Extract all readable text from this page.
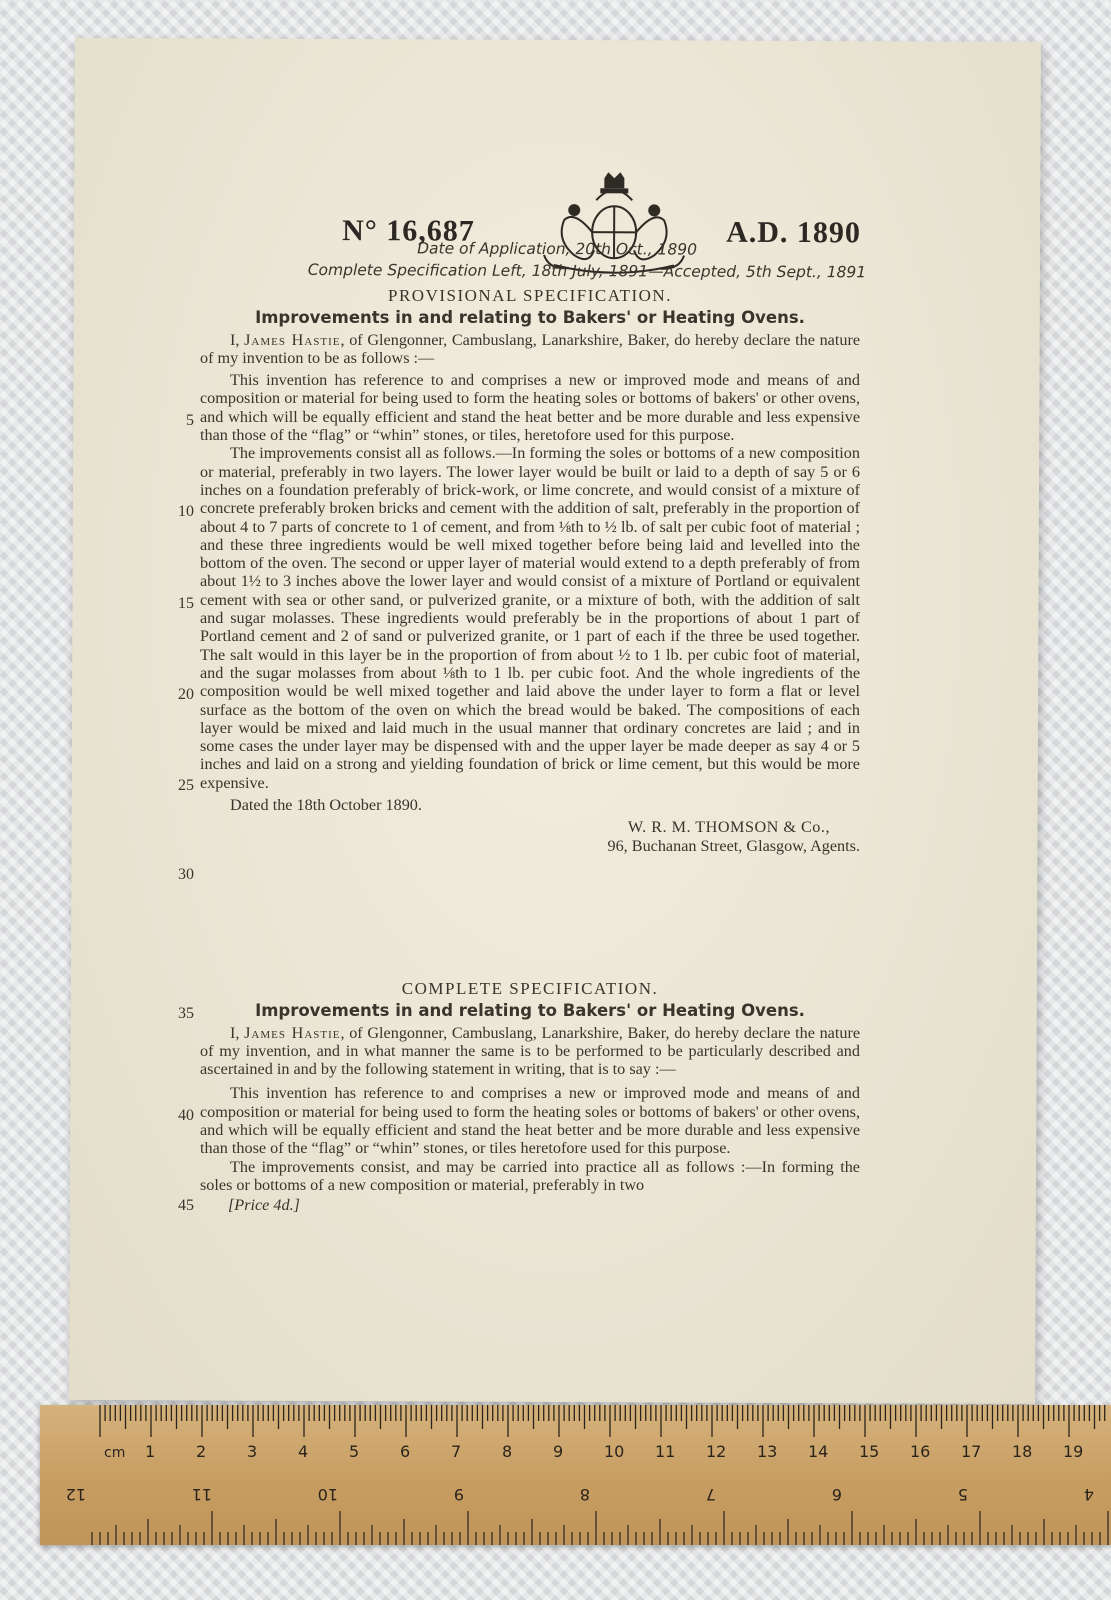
N° 16,687	A.D. 1890
Date of Application, 20th Oct., 1890
Complete Specification Left, 18th July, 1891—Accepted, 5th Sept., 1891
PROVISIONAL SPECIFICATION.
Improvements in and relating to Bakers' or Heating Ovens.

I, James Hastie, of Glengonner, Cambuslang, Lanarkshire, Baker, do hereby declare the nature of my invention to be as follows :—

This invention has reference to and comprises a new or improved mode and means of and composition or material for being used to form the heating soles or bottoms of bakers' or other ovens, and which will be equally efficient and stand the heat better and be more durable and less expensive than those of the “flag” or “whin” stones, or tiles, heretofore used for this purpose.

The improvements consist all as follows.—In forming the soles or bottoms of a new composition or material, preferably in two layers. The lower layer would be built or laid to a depth of say 5 or 6 inches on a foundation preferably of brick-work, or lime concrete, and would consist of a mixture of concrete preferably broken bricks and cement with the addition of salt, preferably in the proportion of about 4 to 7 parts of concrete to 1 of cement, and from ⅛th to ½ lb. of salt per cubic foot of material ; and these three ingredients would be well mixed together before being laid and levelled into the bottom of the oven. The second or upper layer of material would extend to a depth preferably of from about 1½ to 3 inches above the lower layer and would consist of a mixture of Portland or equivalent cement with sea or other sand, or pulverized granite, or a mixture of both, with the addition of salt and sugar molasses. These ingredients would preferably be in the proportions of about 1 part of Portland cement and 2 of sand or pulverized granite, or 1 part of each if the three be used together. The salt would in this layer be in the proportion of from about ½ to 1 lb. per cubic foot of material, and the sugar molasses from about ⅛th to 1 lb. per cubic foot. And the whole ingredients of the composition would be well mixed together and laid above the under layer to form a flat or level surface as the bottom of the oven on which the bread would be baked. The compositions of each layer would be mixed and laid much in the usual manner that ordinary concretes are laid ; and in some cases the under layer may be dispensed with and the upper layer be made deeper as say 4 or 5 inches and laid on a strong and yielding foundation of brick or lime cement, but this would be more expensive.

Dated the 18th October 1890.

W. R. M. THOMSON & Co.,
96, Buchanan Street, Glasgow, Agents.
COMPLETE SPECIFICATION.
Improvements in and relating to Bakers' or Heating Ovens.

I, James Hastie, of Glengonner, Cambuslang, Lanarkshire, Baker, do hereby declare the nature of my invention, and in what manner the same is to be performed to be particularly described and ascertained in and by the following statement in writing, that is to say :—

This invention has reference to and comprises a new or improved mode and means of and composition or material for being used to form the heating soles or bottoms of bakers' or other ovens, and which will be equally efficient and stand the heat better and be more durable and less expensive than those of the “flag” or “whin” stones, or tiles heretofore used for this purpose.

The improvements consist, and may be carried into practice all as follows :—In forming the soles or bottoms of a new composition or material, preferably in two

[Price 4d.]
5
10
15
20
25
30
35
40
45
cm 1	2	3	4	5	6	7	8	9	10 11 12 13 14 15 16 17 18 19
12	11	10	9	8	7	6	5	4
